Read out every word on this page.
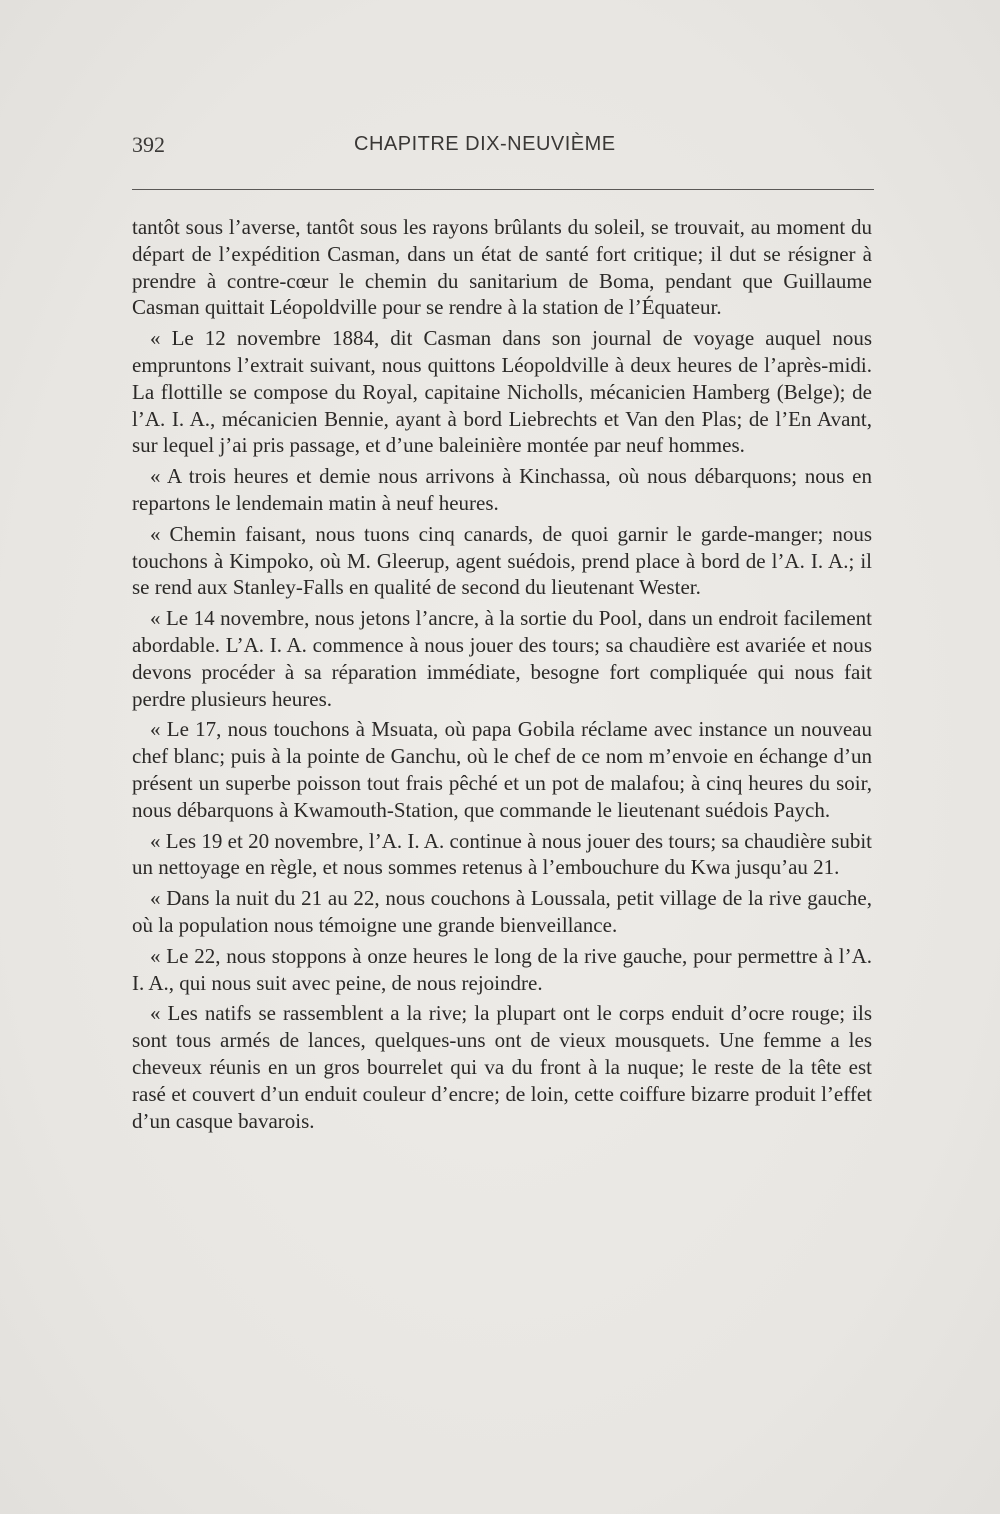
392	CHAPITRE DIX-NEUVIÈME

tantôt sous l’averse, tantôt sous les rayons brûlants du soleil, se trouvait, au moment du départ de l’expédition Casman, dans un état de santé fort critique; il dut se résigner à prendre à contre-cœur le chemin du sanitarium de Boma, pendant que Guillaume Casman quittait Léopoldville pour se rendre à la station de l’Équateur.

« Le 12 novembre 1884, dit Casman dans son journal de voyage auquel nous empruntons l’extrait suivant, nous quittons Léopoldville à deux heures de l’après-midi. La flottille se compose du Royal, capitaine Nicholls, mécanicien Hamberg (Belge); de l’A. I. A., mécanicien Bennie, ayant à bord Liebrechts et Van den Plas; de l’En Avant, sur lequel j’ai pris passage, et d’une baleinière montée par neuf hommes.

« A trois heures et demie nous arrivons à Kinchassa, où nous débarquons; nous en repartons le lendemain matin à neuf heures.

« Chemin faisant, nous tuons cinq canards, de quoi garnir le garde-manger; nous touchons à Kimpoko, où M. Gleerup, agent suédois, prend place à bord de l’A. I. A.; il se rend aux Stanley-Falls en qualité de second du lieutenant Wester.

« Le 14 novembre, nous jetons l’ancre, à la sortie du Pool, dans un endroit facilement abordable. L’A. I. A. commence à nous jouer des tours; sa chaudière est avariée et nous devons procéder à sa réparation immédiate, besogne fort compliquée qui nous fait perdre plusieurs heures.

« Le 17, nous touchons à Msuata, où papa Gobila réclame avec instance un nouveau chef blanc; puis à la pointe de Ganchu, où le chef de ce nom m’envoie en échange d’un présent un superbe poisson tout frais pêché et un pot de malafou; à cinq heures du soir, nous débarquons à Kwamouth-Station, que commande le lieutenant suédois Paych.

« Les 19 et 20 novembre, l’A. I. A. continue à nous jouer des tours; sa chaudière subit un nettoyage en règle, et nous sommes retenus à l’embouchure du Kwa jusqu’au 21.

« Dans la nuit du 21 au 22, nous couchons à Loussala, petit village de la rive gauche, où la population nous témoigne une grande bienveillance.

« Le 22, nous stoppons à onze heures le long de la rive gauche, pour permettre à l’A. I. A., qui nous suit avec peine, de nous rejoindre.

« Les natifs se rassemblent a la rive; la plupart ont le corps enduit d’ocre rouge; ils sont tous armés de lances, quelques-uns ont de vieux mousquets. Une femme a les cheveux réunis en un gros bourrelet qui va du front à la nuque; le reste de la tête est rasé et couvert d’un enduit couleur d’encre; de loin, cette coiffure bizarre produit l’effet d’un casque bavarois.
